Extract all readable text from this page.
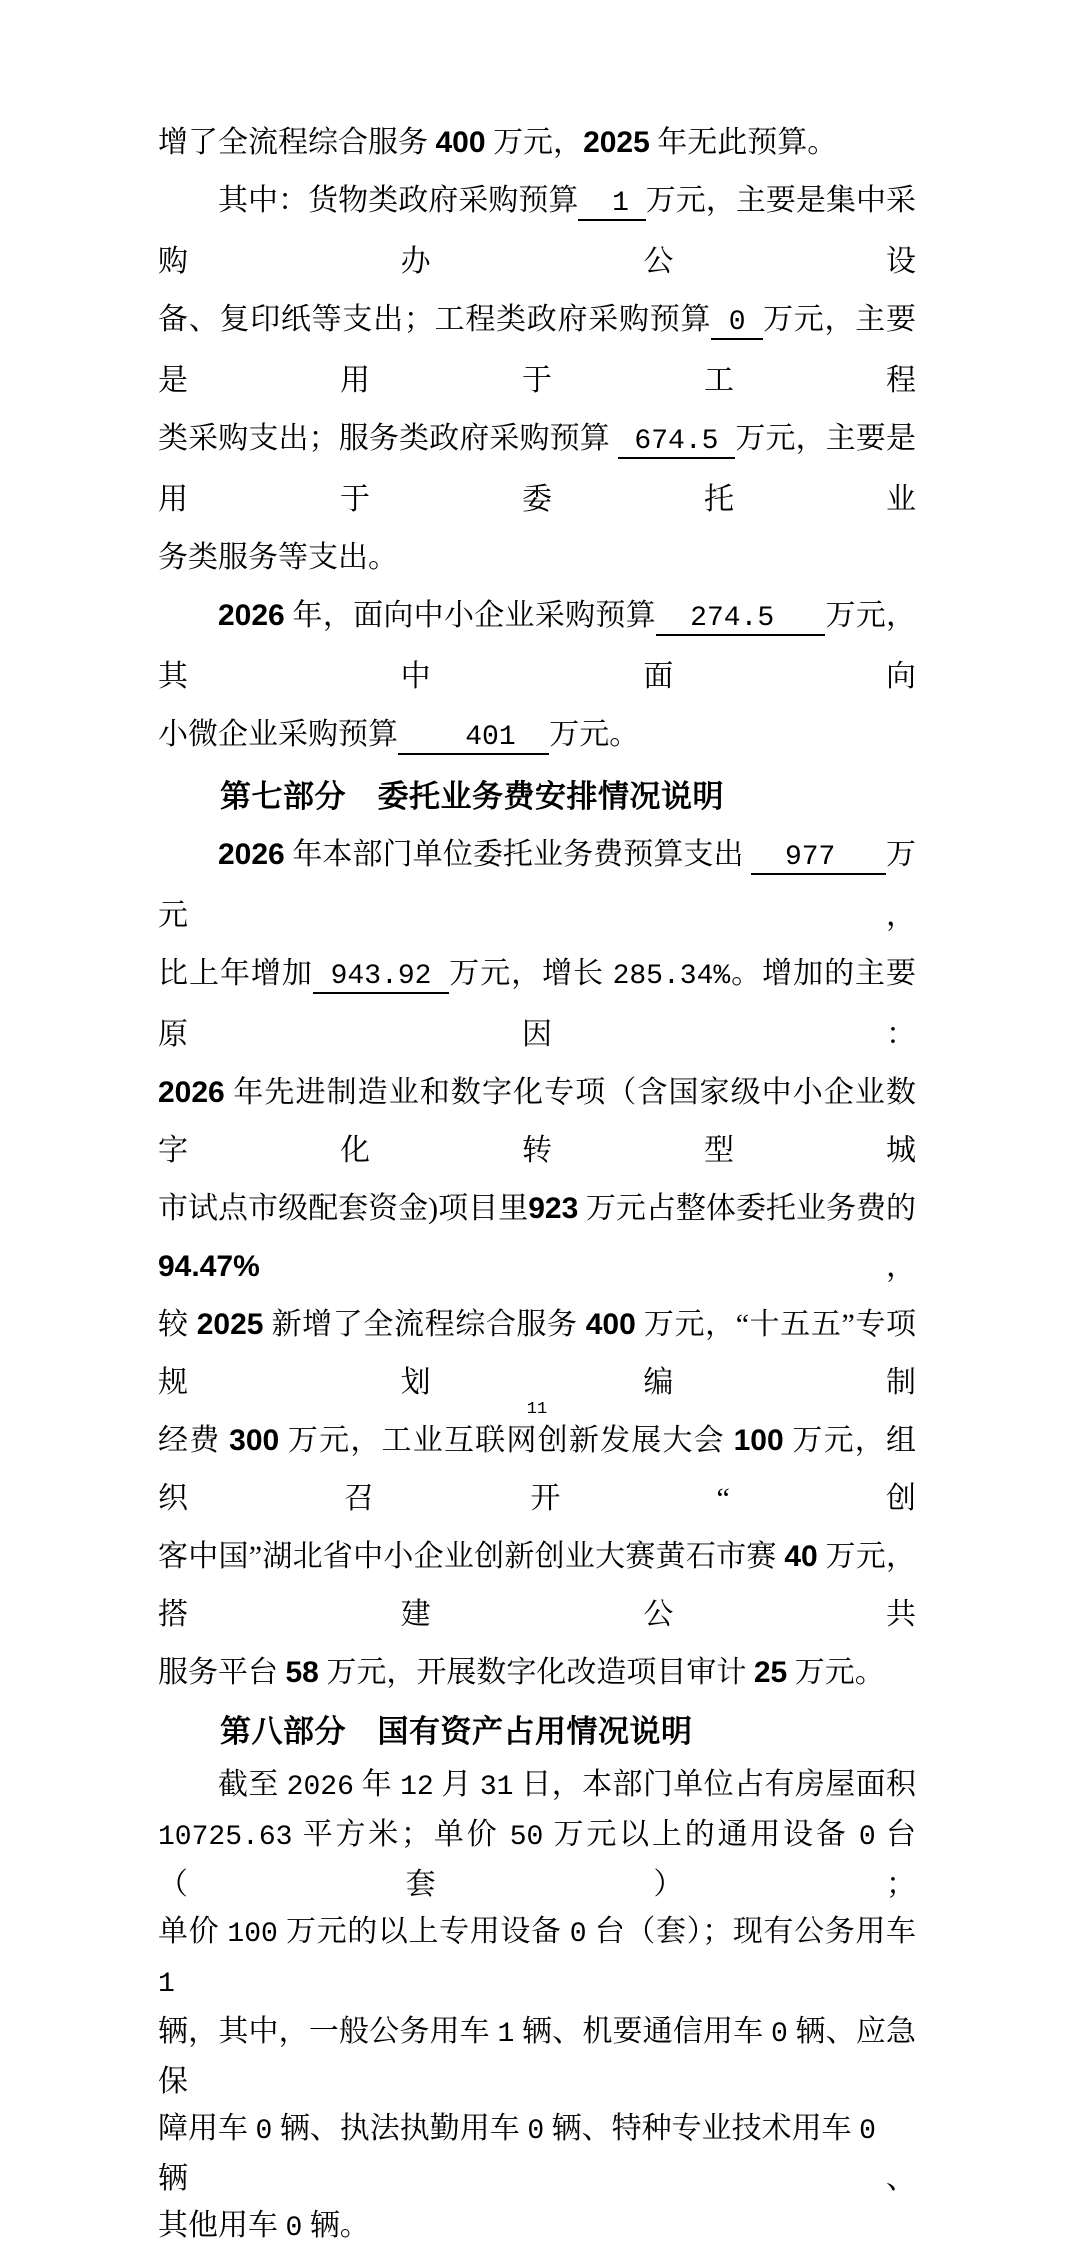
增了全流程综合服务 400 万元，2025 年无此预算。
其中：货物类政府采购预算  1 万元，主要是集中采购办公设
备、复印纸等支出；工程类政府采购预算 0 万元，主要是用于工程
类采购支出；服务类政府采购预算  674.5 万元，主要是用于委托业
务类服务等支出。
2026 年，面向中小企业采购预算  274.5   万元，其中面向
小微企业采购预算    401  万元。
第七部分　委托业务费安排情况说明
2026 年本部门单位委托业务费预算支出   977   万元，
比上年增加 943.92 万元，增长 285.34%。增加的主要原因：
2026 年先进制造业和数字化专项（含国家级中小企业数字化转型城
市试点市级配套资金)项目里923 万元占整体委托业务费的94.47%，
较 2025 新增了全流程综合服务 400 万元，“十五五”专项规划编制
经费 300 万元，工业互联网创新发展大会 100 万元，组织召开“创
客中国”湖北省中小企业创新创业大赛黄石市赛 40 万元，搭建公共
服务平台 58 万元，开展数字化改造项目审计 25 万元。
第八部分　国有资产占用情况说明
截至 2026 年 12 月 31 日，本部门单位占有房屋面积
10725.63 平方米；单价 50 万元以上的通用设备 0 台（套）；
单价 100 万元的以上专用设备 0 台（套）；现有公务用车 1
辆，其中，一般公务用车 1 辆、机要通信用车 0 辆、应急保
障用车 0 辆、执法执勤用车 0 辆、特种专业技术用车 0　　　辆、
其他用车 0 辆。
11
